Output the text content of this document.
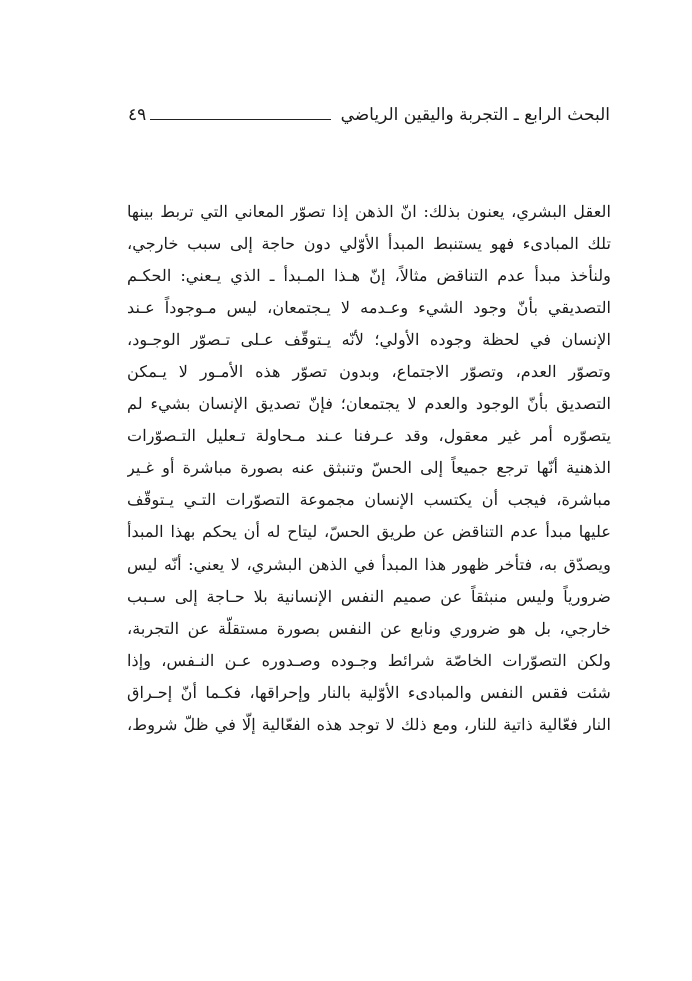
البحث الرابع ـ التجربة واليقين الرياضي
٤٩
العقل البشري، يعنون بذلك: انّ الذهن إذا تصوّر المعاني التي تربط بينها
تلك المبادىء فهو يستنبط المبدأ الأوّلي دون حاجة إلى سبب خارجي،
ولنأخذ مبدأ عدم التناقض مثالاً، إنّ هـذا المـبدأ ـ الذي يـعني: الحكـم
التصديقي بأنّ وجود الشيء وعـدمه لا يـجتمعان، ليس مـوجوداً عـند
الإنسان في لحظة وجوده الأولي؛ لأنّه يـتوقّف عـلى تـصوّر الوجـود،
وتصوّر العدم، وتصوّر الاجتماع، وبدون تصوّر هذه الأمـور لا يـمكن
التصديق بأنّ الوجود والعدم لا يجتمعان؛ فإنّ تصديق الإنسان بشيء لم
يتصوّره أمر غير معقول، وقد عـرفنا عـند مـحاولة تـعليل التـصوّرات
الذهنية أنّها ترجع جميعاً إلى الحسّ وتنبثق عنه بصورة مباشرة أو غـير
مباشرة، فيجب أن يكتسب الإنسان مجموعة التصوّرات التـي يـتوقّف
عليها مبدأ عدم التناقض عن طريق الحسّ، ليتاح له أن يحكم بهذا المبدأ
ويصدّق به، فتأخر ظهور هذا المبدأ في الذهن البشري، لا يعني: أنّه ليس
ضرورياً وليس منبثقاً عن صميم النفس الإنسانية بلا حـاجة إلى سـبب
خارجي، بل هو ضروري ونابع عن النفس بصورة مستقلّة عن التجربة،
ولكن التصوّرات الخاصّة شرائط وجـوده وصـدوره عـن النـفس، وإذا
شئت فقس النفس والمبادىء الأوّلية بالنار وإحراقها، فكـما أنّ إحـراق
النار فعّالية ذاتية للنار، ومع ذلك لا توجد هذه الفعّالية إلّا في ظلّ شروط،
